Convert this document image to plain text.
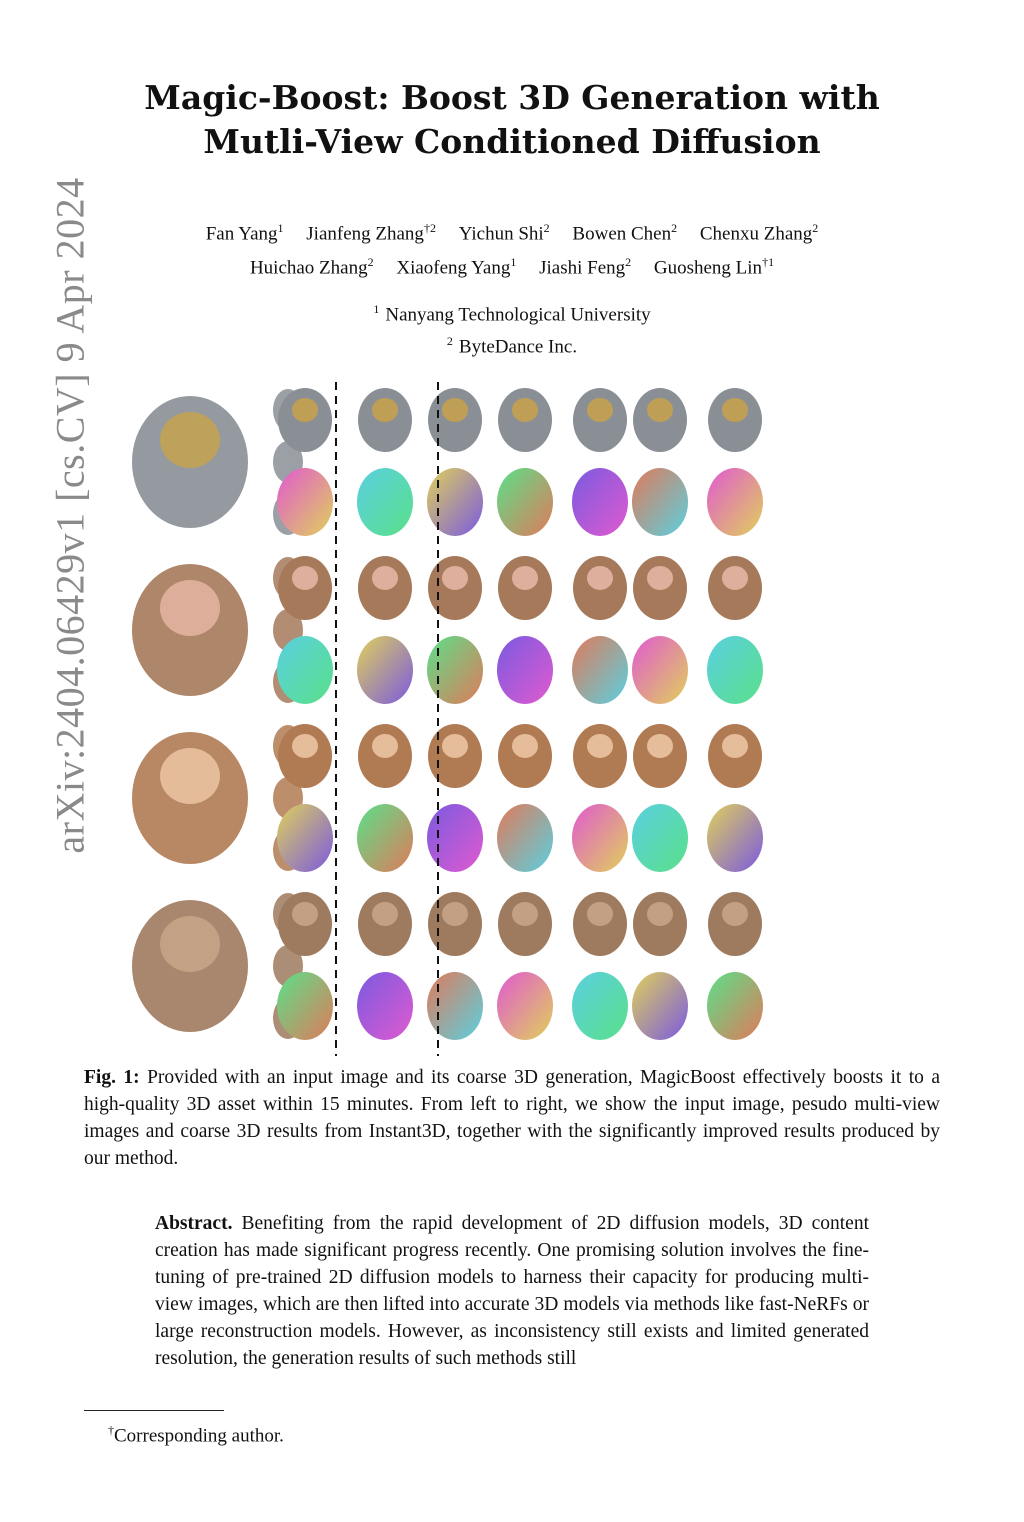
arXiv:2404.06429v1 [cs.CV] 9 Apr 2024
Magic-Boost: Boost 3D Generation with
Mutli-View Conditioned Diffusion
Fan Yang$^1$ Jianfeng Zhang$^{\dagger 2}$ Yichun Shi$^2$ Bowen Chen$^2$ Chenxu Zhang$^2$
Huichao Zhang$^2$ Xiaofeng Yang$^1$ Jiashi Feng$^2$ Guosheng Lin$^{\dagger 1}$
$^1$ Nanyang Technological University
$^2$ ByteDance Inc.
Fig. 1: Provided with an input image and its coarse 3D generation, MagicBoost effectively boosts it to a high-quality 3D asset within 15 minutes. From left to right, we show the input image, pesudo multi-view images and coarse 3D results from Instant3D, together with the significantly improved results produced by our method.
Abstract. Benefiting from the rapid development of 2D diffusion models, 3D content creation has made significant progress recently. One promising solution involves the fine-tuning of pre-trained 2D diffusion models to harness their capacity for producing multi-view images, which are then lifted into accurate 3D models via methods like fast-NeRFs or large reconstruction models. However, as inconsistency still exists and limited generated resolution, the generation results of such methods still
†Corresponding author.
